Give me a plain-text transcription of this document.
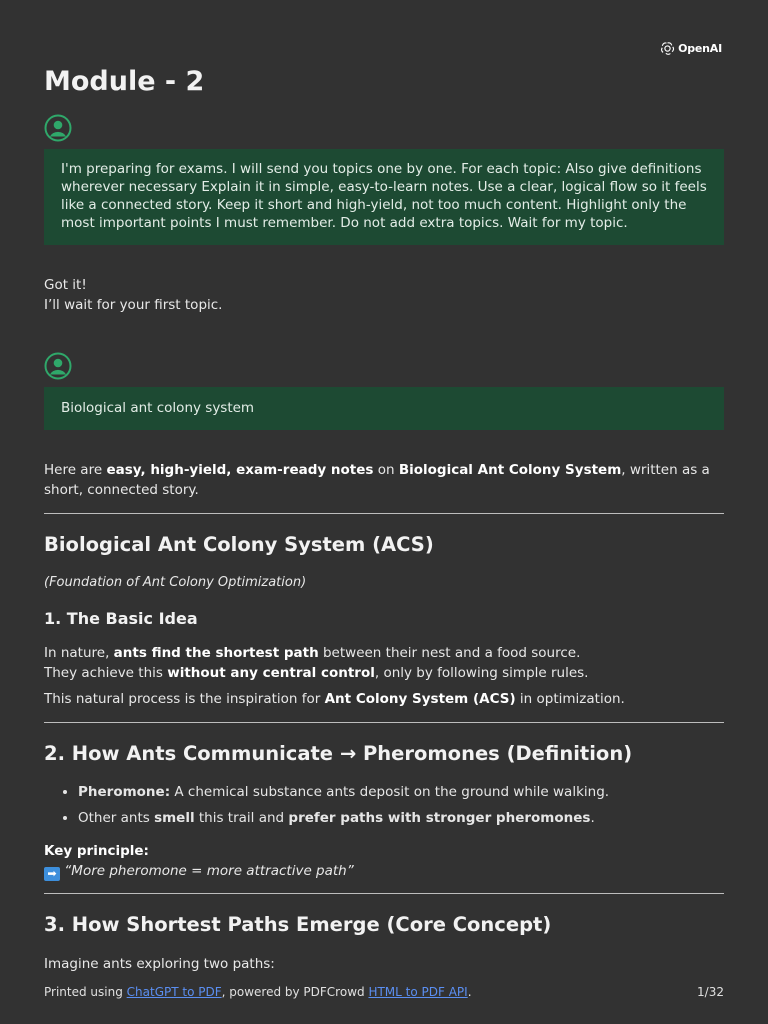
OpenAI
Module - 2
I'm preparing for exams. I will send you topics one by one. For each topic: Also give definitions wherever necessary Explain it in simple, easy-to-learn notes. Use a clear, logical flow so it feels like a connected story. Keep it short and high-yield, not too much content. Highlight only the most important points I must remember. Do not add extra topics. Wait for my topic.
Got it!
I’ll wait for your first topic.
Biological ant colony system
Here are easy, high-yield, exam-ready notes on Biological Ant Colony System, written as a short, connected story.
Biological Ant Colony System (ACS)
(Foundation of Ant Colony Optimization)
1. The Basic Idea
In nature, ants find the shortest path between their nest and a food source.
They achieve this without any central control, only by following simple rules.
This natural process is the inspiration for Ant Colony System (ACS) in optimization.
2. How Ants Communicate → Pheromones (Definition)
• Pheromone: A chemical substance ants deposit on the ground while walking.
• Other ants smell this trail and prefer paths with stronger pheromones.
Key principle:
➡ “More pheromone = more attractive path”
3. How Shortest Paths Emerge (Core Concept)
Imagine ants exploring two paths:
Printed using ChatGPT to PDF, powered by PDFCrowd HTML to PDF API.	1/32
